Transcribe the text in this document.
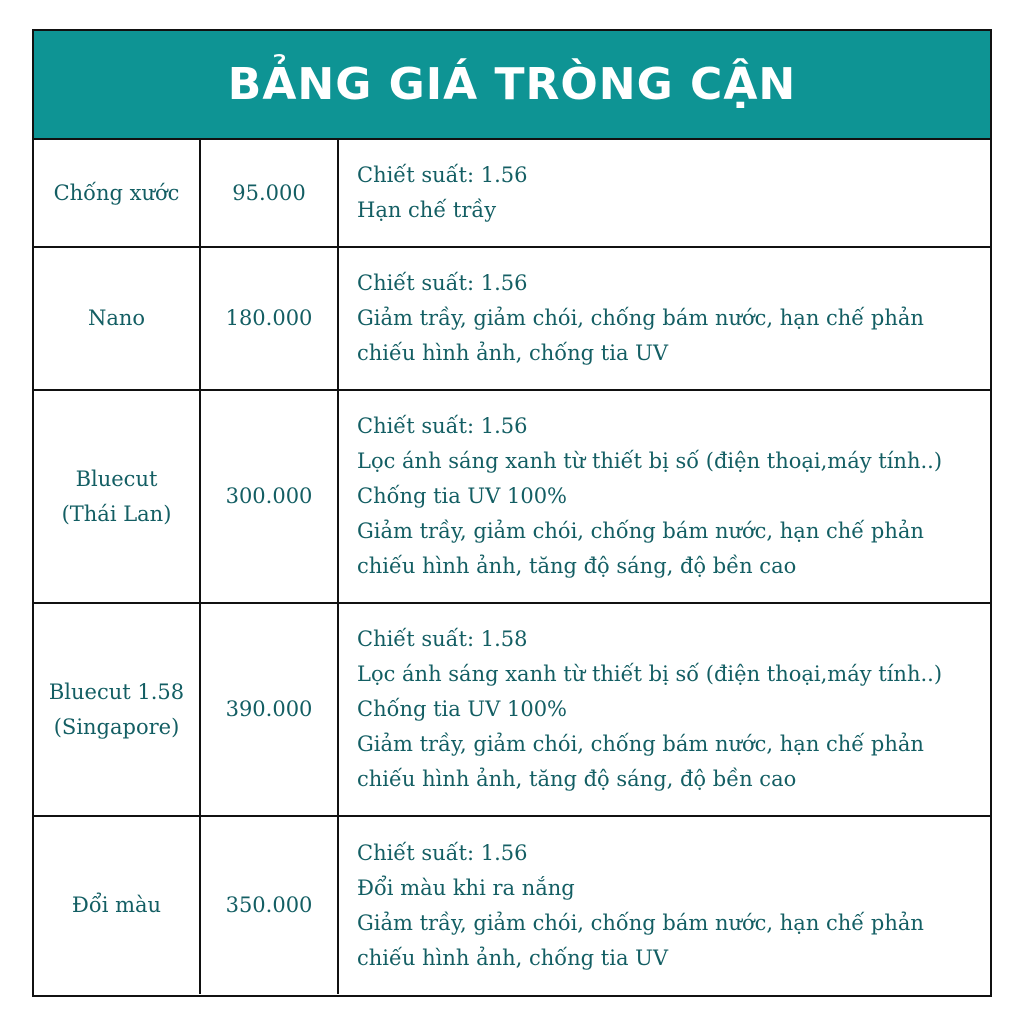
BẢNG GIÁ TRÒNG CẬN
Chống xước	95.000	Chiết suất: 1.56
Hạn chế trầy

Nano	180.000	Chiết suất: 1.56
Giảm trầy, giảm chói, chống bám nước, hạn chế phản
chiếu hình ảnh, chống tia UV

Bluecut
(Thái Lan)	300.000	Chiết suất: 1.56
Lọc ánh sáng xanh từ thiết bị số (điện thoại,máy tính..)
Chống tia UV 100%
Giảm trầy, giảm chói, chống bám nước, hạn chế phản
chiếu hình ảnh, tăng độ sáng, độ bền cao

Bluecut 1.58
(Singapore)	390.000	Chiết suất: 1.58
Lọc ánh sáng xanh từ thiết bị số (điện thoại,máy tính..)
Chống tia UV 100%
Giảm trầy, giảm chói, chống bám nước, hạn chế phản
chiếu hình ảnh, tăng độ sáng, độ bền cao

Đổi màu	350.000	Chiết suất: 1.56
Đổi màu khi ra nắng
Giảm trầy, giảm chói, chống bám nước, hạn chế phản
chiếu hình ảnh, chống tia UV
